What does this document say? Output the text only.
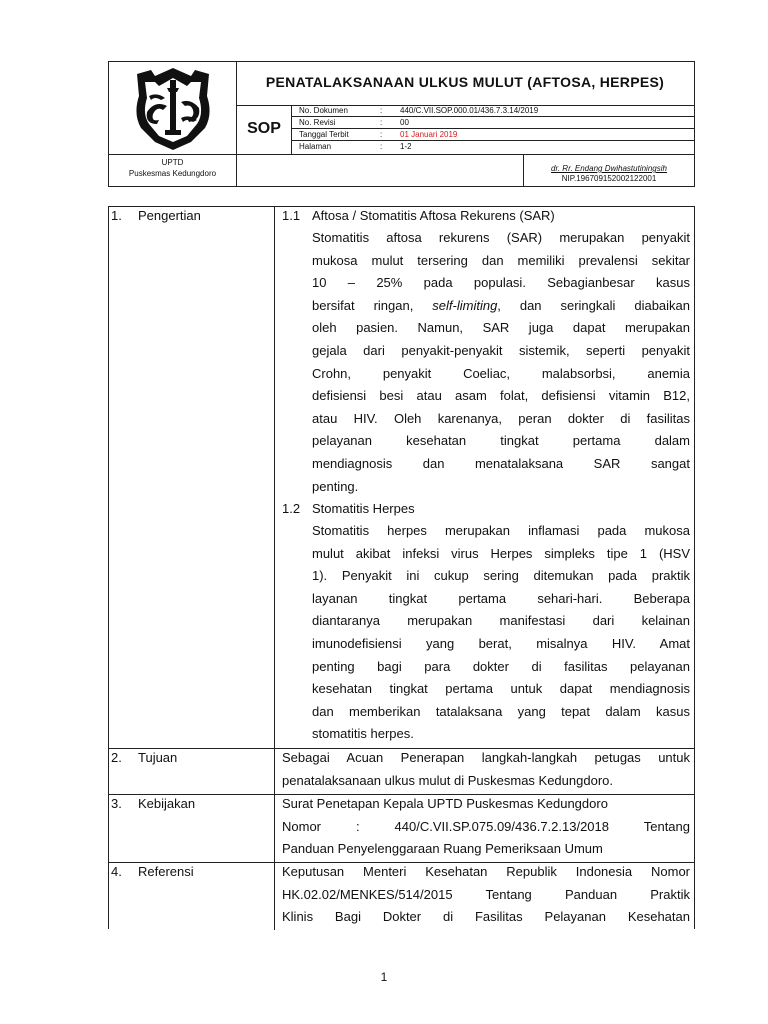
PENATALAKSANAAN ULKUS MULUT (AFTOSA, HERPES)
SOP
No. Dokumen	: 440/C.VII.SOP.000.01/436.7.3.14/2019
No. Revisi	: 00
Tanggal Terbit	: 01 Januari 2019
Halaman	: 1-2
UPTD
Puskesmas Kedungdoro
dr. Rr. Endang Dwihastutiningsih
NIP.196709152002122001
1. Pengertian	1.1 Aftosa / Stomatitis Aftosa Rekurens (SAR)
Stomatitis aftosa rekurens (SAR) merupakan penyakit
mukosa mulut tersering dan memiliki prevalensi sekitar
10 – 25% pada populasi. Sebagianbesar kasus
bersifat ringan, self-limiting, dan seringkali diabaikan
oleh pasien. Namun, SAR juga dapat merupakan
gejala dari penyakit-penyakit sistemik, seperti penyakit
Crohn, penyakit Coeliac, malabsorbsi, anemia
defisiensi besi atau asam folat, defisiensi vitamin B12,
atau HIV. Oleh karenanya, peran dokter di fasilitas
pelayanan kesehatan tingkat pertama dalam
mendiagnosis dan menatalaksana SAR sangat
penting.
1.2 Stomatitis Herpes
Stomatitis herpes merupakan inflamasi pada mukosa
mulut akibat infeksi virus Herpes simpleks tipe 1 (HSV
1). Penyakit ini cukup sering ditemukan pada praktik
layanan tingkat pertama sehari-hari. Beberapa
diantaranya merupakan manifestasi dari kelainan
imunodefisiensi yang berat, misalnya HIV. Amat
penting bagi para dokter di fasilitas pelayanan
kesehatan tingkat pertama untuk dapat mendiagnosis
dan memberikan tatalaksana yang tepat dalam kasus
stomatitis herpes.
2. Tujuan	Sebagai Acuan Penerapan langkah-langkah petugas untuk
penatalaksanaan ulkus mulut di Puskesmas Kedungdoro.
3. Kebijakan	Surat Penetapan Kepala UPTD Puskesmas Kedungdoro
Nomor : 440/C.VII.SP.075.09/436.7.2.13/2018 Tentang
Panduan Penyelenggaraan Ruang Pemeriksaan Umum
4. Referensi	Keputusan Menteri Kesehatan Republik Indonesia Nomor
HK.02.02/MENKES/514/2015 Tentang Panduan Praktik
Klinis Bagi Dokter di Fasilitas Pelayanan Kesehatan
1
